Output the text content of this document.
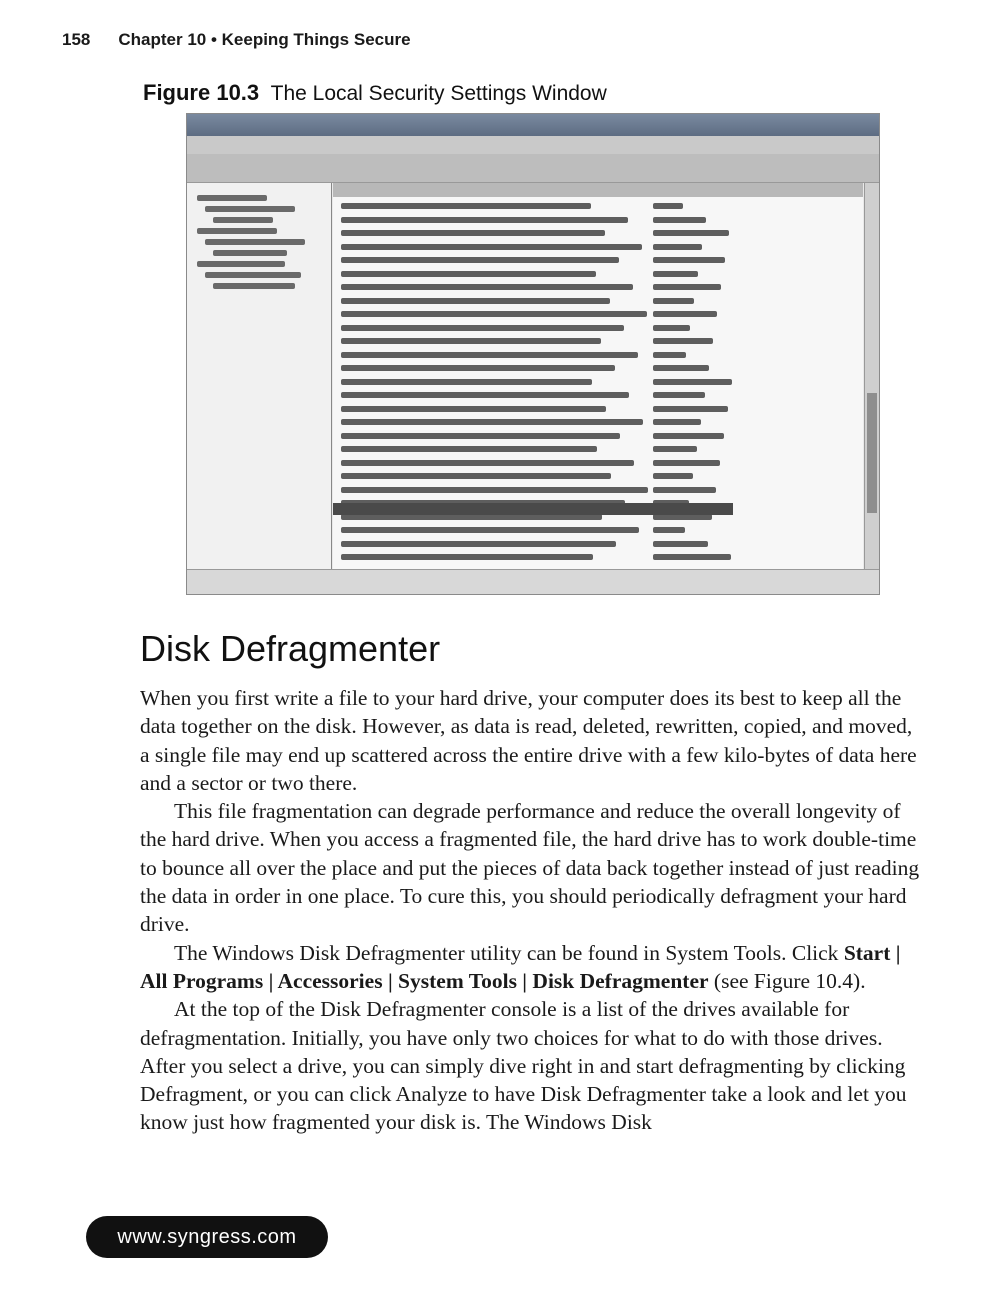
158 Chapter 10 • Keeping Things Secure
Figure 10.3 The Local Security Settings Window
Disk Defragmenter

When you first write a file to your hard drive, your computer does its best to keep all the data together on the disk. However, as data is read, deleted, rewritten, copied, and moved, a single file may end up scattered across the entire drive with a few kilo-bytes of data here and a sector or two there.

This file fragmentation can degrade performance and reduce the overall longevity of the hard drive. When you access a fragmented file, the hard drive has to work double-time to bounce all over the place and put the pieces of data back together instead of just reading the data in order in one place. To cure this, you should periodically defragment your hard drive.

The Windows Disk Defragmenter utility can be found in System Tools. Click Start | All Programs | Accessories | System Tools | Disk Defragmenter (see Figure 10.4).

At the top of the Disk Defragmenter console is a list of the drives available for defragmentation. Initially, you have only two choices for what to do with those drives. After you select a drive, you can simply dive right in and start defragmenting by clicking Defragment, or you can click Analyze to have Disk Defragmenter take a look and let you know just how fragmented your disk is. The Windows Disk

www.syngress.com
